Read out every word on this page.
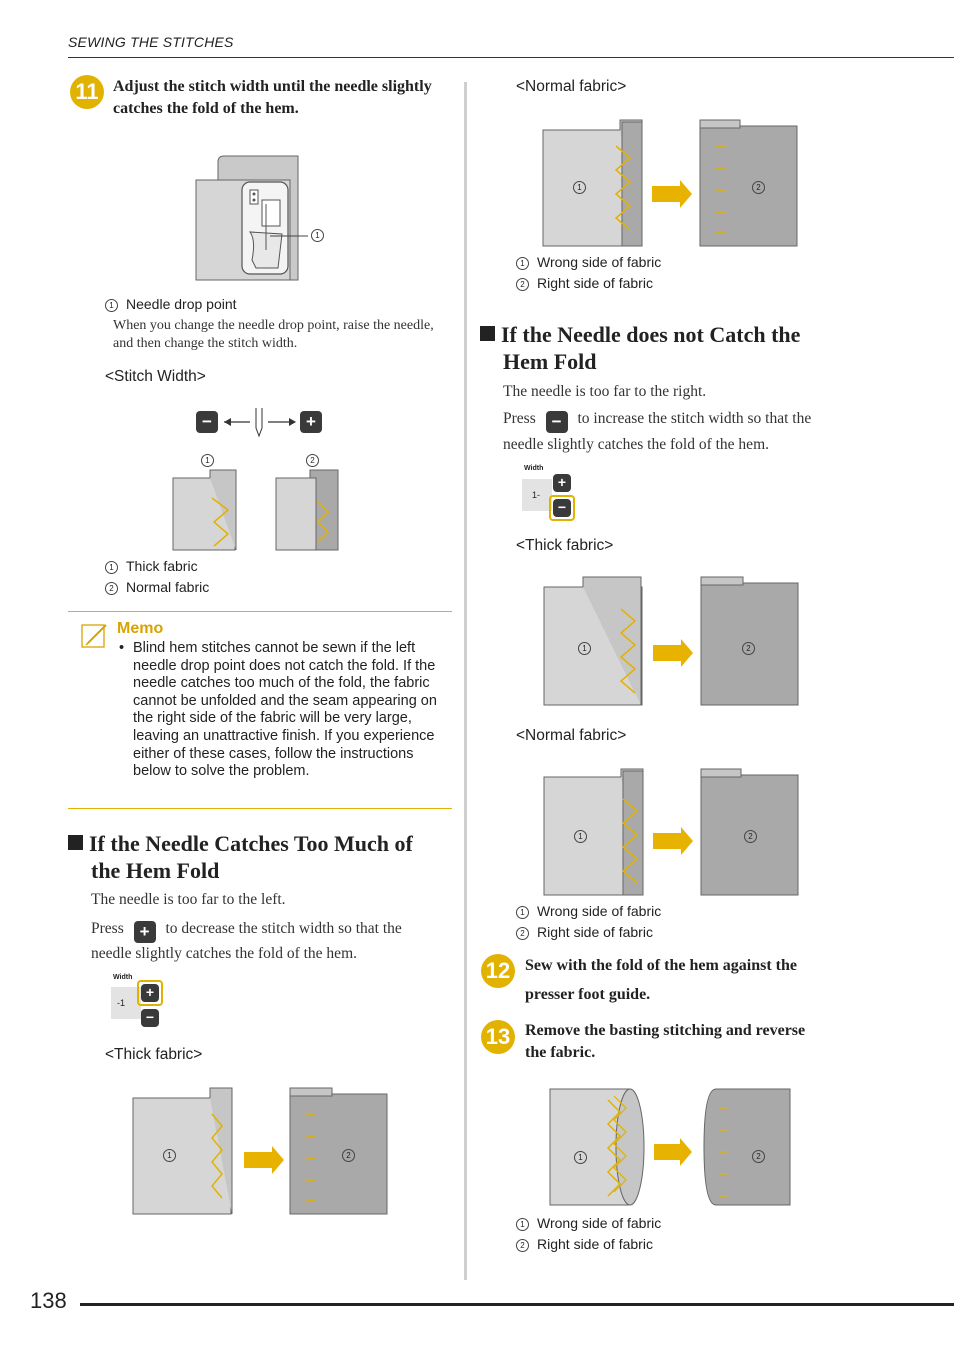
SEWING THE STITCHES
11 Adjust the stitch width until the needle slightly catches the fold of the hem.
1
1 Needle drop point
When you change the needle drop point, raise the needle, and then change the stitch width.
<Stitch Width>
−	+
1	2
1 Thick fabric
2 Normal fabric
Memo
• Blind hem stitches cannot be sewn if the left needle drop point does not catch the fold. If the needle catches too much of the fold, the fabric cannot be unfolded and the seam appearing on the right side of the fabric will be very large, leaving an unattractive finish. If you experience either of these cases, follow the instructions below to solve the problem.
If the Needle Catches Too Much of
the Hem Fold
The needle is too far to the left.
Press + to decrease the stitch width so that the
needle slightly catches the fold of the hem.
Width
-1
+
−
<Thick fabric>
1	2
<Normal fabric>
1	2
1 Wrong side of fabric
2 Right side of fabric
If the Needle does not Catch the
Hem Fold
The needle is too far to the right.
Press − to increase the stitch width so that the
needle slightly catches the fold of the hem.
Width
1-
+
−
<Thick fabric>
1	2
<Normal fabric>
1	2
1 Wrong side of fabric
2 Right side of fabric
12 Sew with the fold of the hem against the
presser foot guide.
13 Remove the basting stitching and reverse
the fabric.
1	2
1 Wrong side of fabric
2 Right side of fabric
138
